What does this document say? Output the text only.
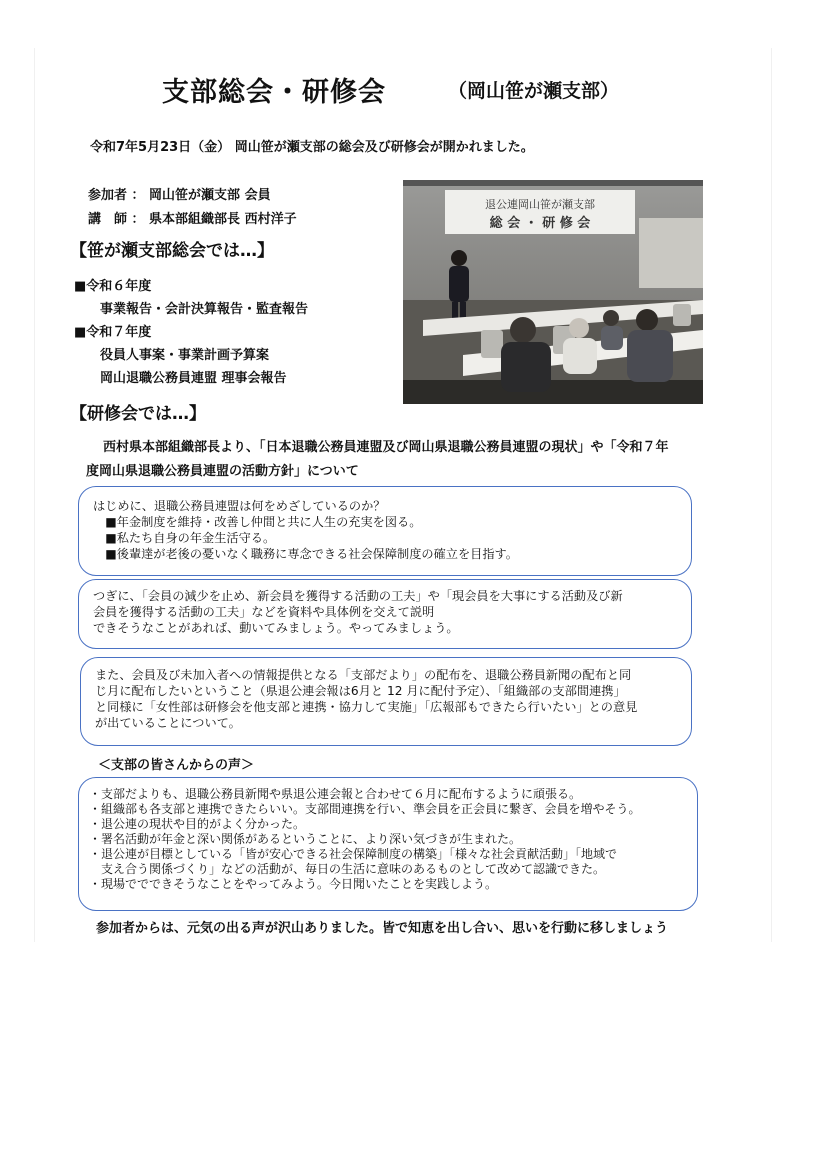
支部総会・研修会	（岡山笹が瀬支部）
令和7年5月23日（金） 岡山笹が瀬支部の総会及び研修会が開かれました。
参加者 ： 岡山笹が瀬支部 会員
講　師 ： 県本部組織部長 西村洋子
【笹が瀬支部総会では…】
■令和６年度
事業報告・会計決算報告・監査報告
■令和７年度
役員人事案・事業計画予算案
岡山退職公務員連盟 理事会報告
退公連岡山笹が瀬支部
総 会 ・ 研 修 会
【研修会では…】
西村県本部組織部長より、「日本退職公務員連盟及び岡山県退職公務員連盟の現状」や「令和７年
度岡山県退職公務員連盟の活動方針」について
はじめに、退職公務員連盟は何をめざしているのか？
　■年金制度を維持・改善し仲間と共に人生の充実を図る。
　■私たち自身の年金生活守る。
　■後輩達が老後の憂いなく職務に専念できる社会保障制度の確立を目指す。
つぎに、「会員の減少を止め、新会員を獲得する活動の工夫」や「現会員を大事にする活動及び新
会員を獲得する活動の工夫」などを資料や具体例を交えて説明
できそうなことがあれば、動いてみましょう。やってみましょう。
また、会員及び未加入者への情報提供となる「支部だより」の配布を、退職公務員新聞の配布と同
じ月に配布したいということ（県退公連会報は6月と 12 月に配付予定）、「組織部の支部間連携」
と同様に「女性部は研修会を他支部と連携・協力して実施」「広報部もできたら行いたい」との意見
が出ていることについて。
＜支部の皆さんからの声＞
・支部だよりも、退職公務員新聞や県退公連会報と合わせて６月に配布するように頑張る。
・組織部も各支部と連携できたらいい。支部間連携を行い、準会員を正会員に繋ぎ、会員を増やそう。
・退公連の現状や目的がよく分かった。
・署名活動が年金と深い関係があるということに、より深い気づきが生まれた。
・退公連が目標としている「皆が安心できる社会保障制度の構築」「様々な社会貢献活動」「地域で
　支え合う関係づくり」などの活動が、毎日の生活に意味のあるものとして改めて認識できた。
・現場ででできそうなことをやってみよう。今日聞いたことを実践しよう。
参加者からは、元気の出る声が沢山ありました。皆で知恵を出し合い、思いを行動に移しましょう
